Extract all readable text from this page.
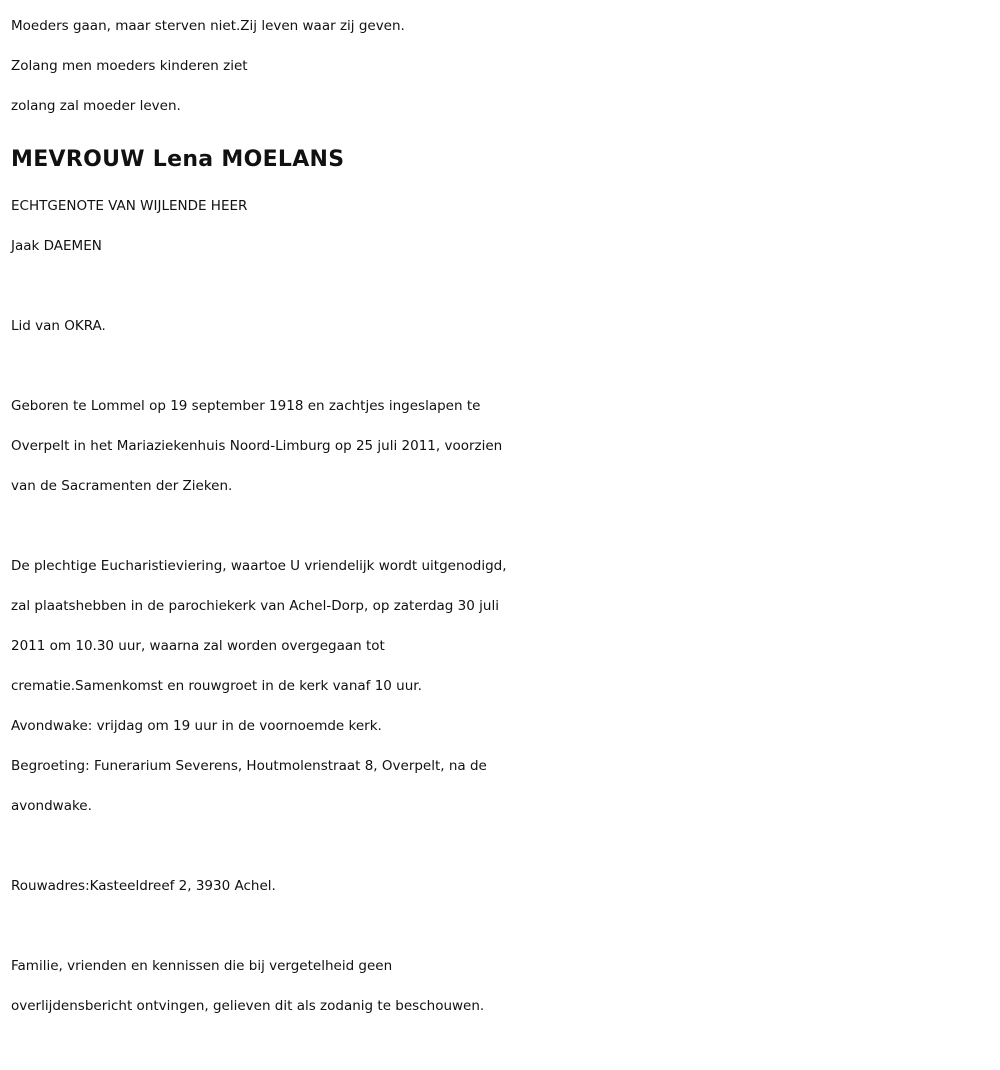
Moeders gaan, maar sterven niet.Zij leven waar zij geven.
Zolang men moeders kinderen ziet
zolang zal moeder leven.
MEVROUW Lena MOELANS
ECHTGENOTE VAN WIJLENDE HEER
Jaak DAEMEN
Lid van OKRA.
Geboren te Lommel op 19 september 1918 en zachtjes ingeslapen te
Overpelt in het Mariaziekenhuis Noord-Limburg op 25 juli 2011, voorzien
van de Sacramenten der Zieken.
De plechtige Eucharistieviering, waartoe U vriendelijk wordt uitgenodigd,
zal plaatshebben in de parochiekerk van Achel-Dorp, op zaterdag 30 juli
2011 om 10.30 uur, waarna zal worden overgegaan tot
crematie.Samenkomst en rouwgroet in de kerk vanaf 10 uur.
Avondwake: vrijdag om 19 uur in de voornoemde kerk.
Begroeting: Funerarium Severens, Houtmolenstraat 8, Overpelt, na de
avondwake.
Rouwadres:Kasteeldreef 2, 3930 Achel.
Familie, vrienden en kennissen die bij vergetelheid geen
overlijdensbericht ontvingen, gelieven dit als zodanig te beschouwen.
